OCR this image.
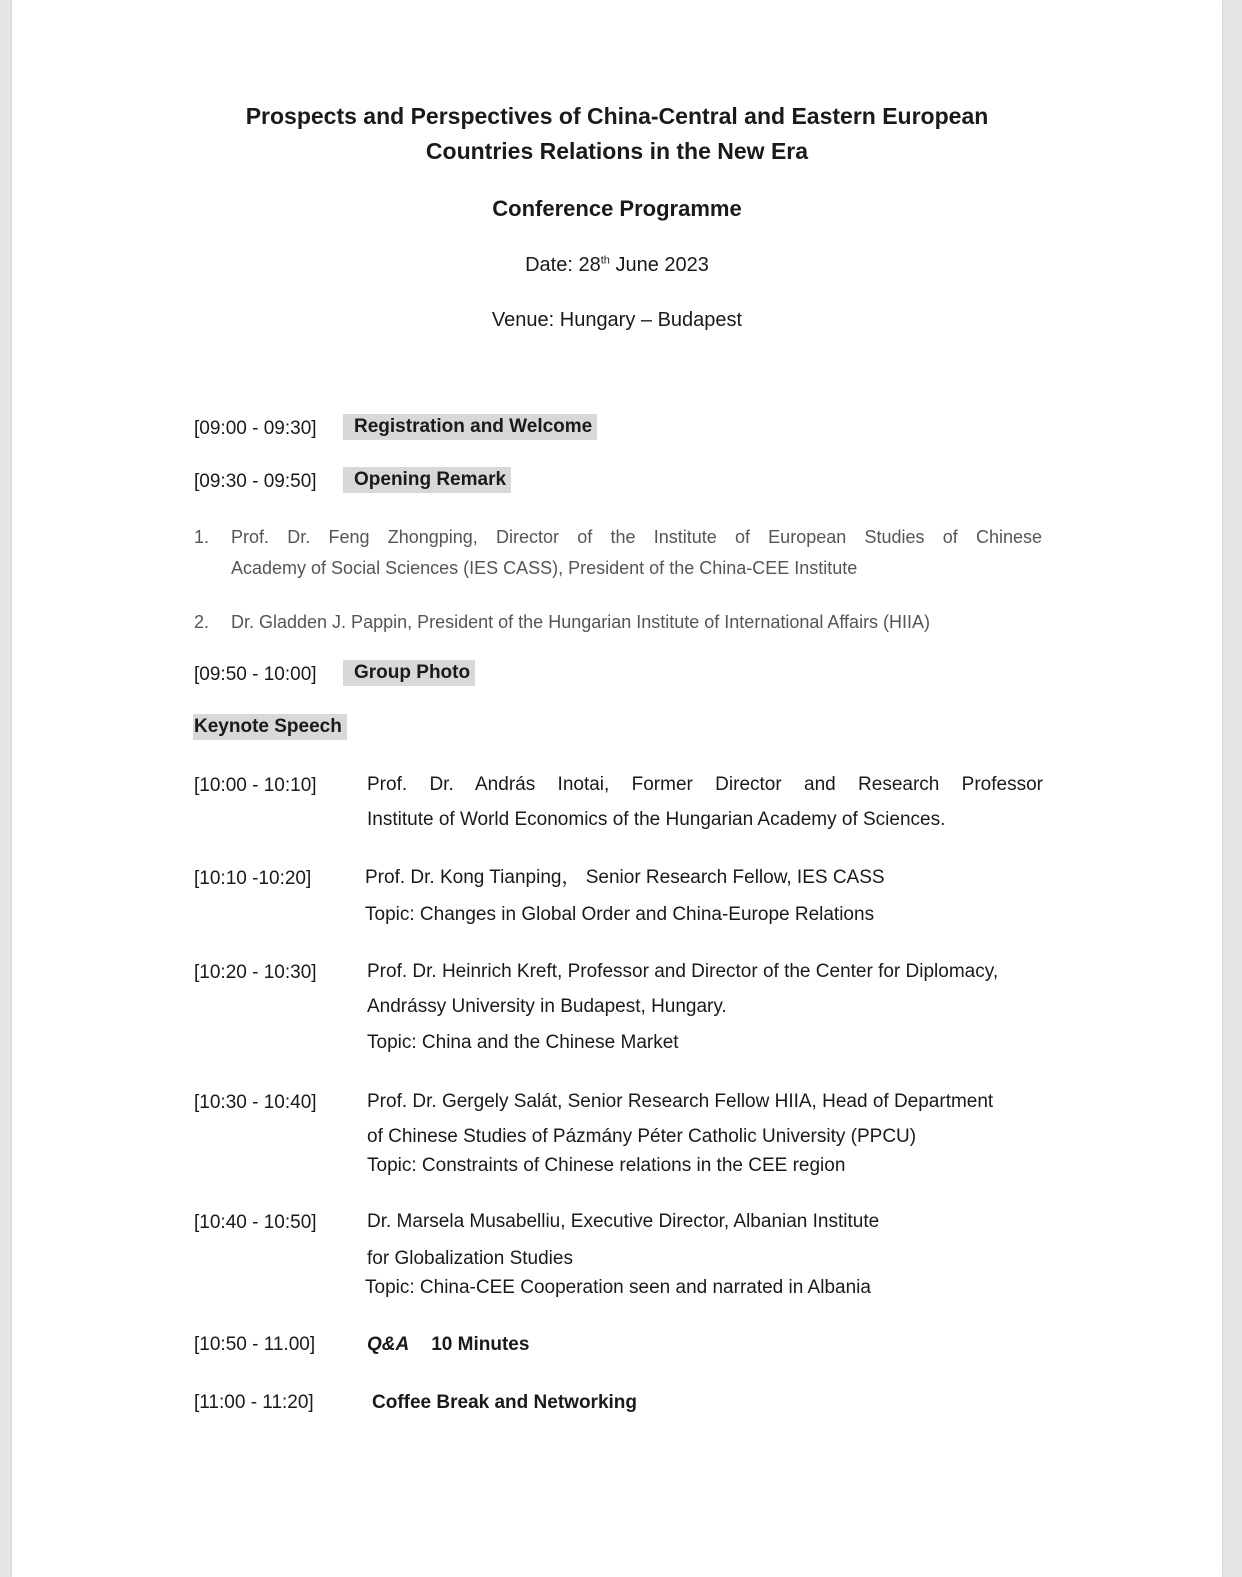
Prospects and Perspectives of China-Central and Eastern European
Countries Relations in the New Era
Conference Programme
Date: 28th June 2023
Venue: Hungary – Budapest
[09:00 - 09:30]	Registration and Welcome
[09:30 - 09:50]	Opening Remark
1. Prof. Dr. Feng Zhongping, Director of the Institute of European Studies of Chinese
Academy of Social Sciences (IES CASS), President of the China-CEE Institute
2. Dr. Gladden J. Pappin, President of the Hungarian Institute of International Affairs (HIIA)
[09:50 - 10:00]	Group Photo
Keynote Speech
[10:00 - 10:10]	Prof. Dr. András Inotai, Former Director and Research Professor
Institute of World Economics of the Hungarian Academy of Sciences.
[10:10 -10:20]	Prof. Dr. Kong Tianping， Senior Research Fellow, IES CASS
Topic: Changes in Global Order and China-Europe Relations
[10:20 - 10:30]	Prof. Dr. Heinrich Kreft, Professor and Director of the Center for Diplomacy,
Andrássy University in Budapest, Hungary.
Topic: China and the Chinese Market
[10:30 - 10:40]	Prof. Dr. Gergely Salát, Senior Research Fellow HIIA, Head of Department
of Chinese Studies of Pázmány Péter Catholic University (PPCU)
Topic: Constraints of Chinese relations in the CEE region
[10:40 - 10:50]	Dr. Marsela Musabelliu, Executive Director, Albanian Institute
for Globalization Studies
Topic: China-CEE Cooperation seen and narrated in Albania
[10:50 - 11.00]	Q&A 10 Minutes
[11:00 - 11:20]	Coffee Break and Networking
